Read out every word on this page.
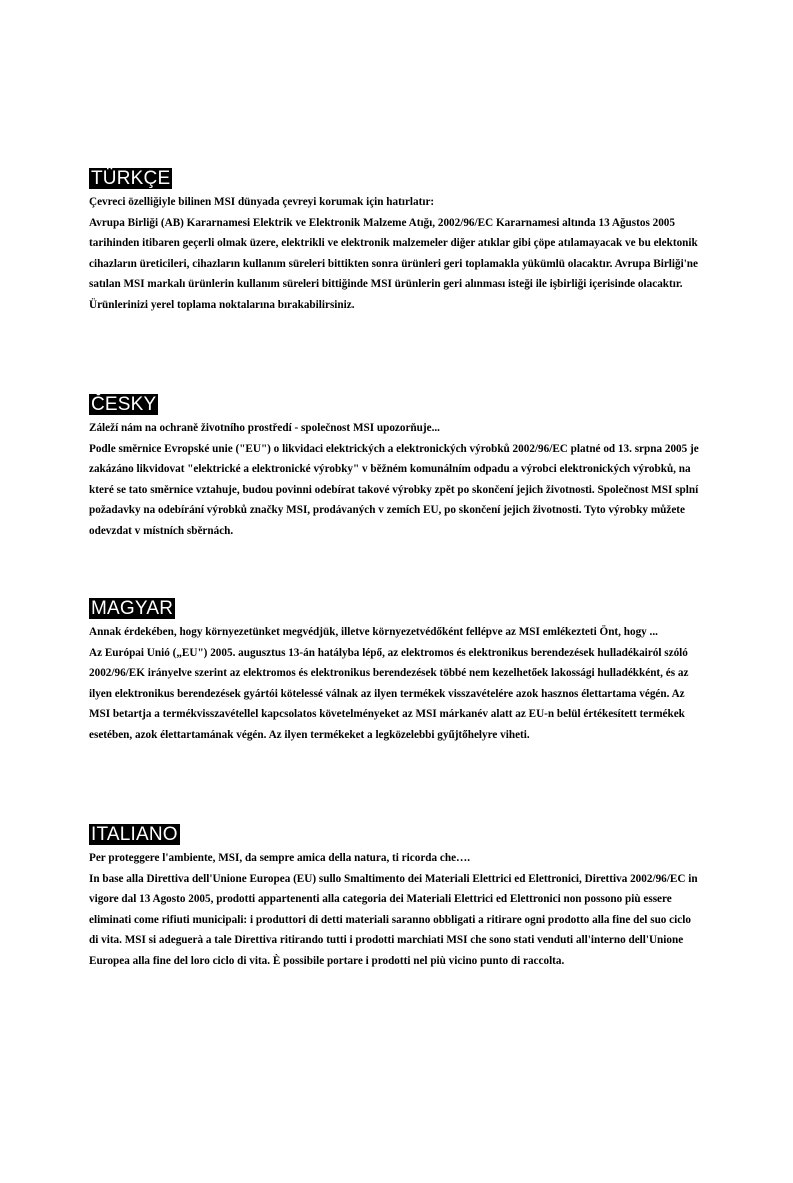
TÜRKÇE

Çevreci özelliğiyle bilinen MSI dünyada çevreyi korumak için hatırlatır:

Avrupa Birliği (AB) Kararnamesi Elektrik ve Elektronik Malzeme Atığı, 2002/96/EC Kararnamesi altında 13 Ağustos 2005 tarihinden itibaren geçerli olmak üzere, elektrikli ve elektronik malzemeler diğer atıklar gibi çöpe atılamayacak ve bu elektonik cihazların üreticileri, cihazların kullanım süreleri bittikten sonra ürünleri geri toplamakla yükümlü olacaktır. Avrupa Birliği'ne satılan MSI markalı ürünlerin kullanım süreleri bittiğinde MSI ürünlerin geri alınması isteği ile işbirliği içerisinde olacaktır. Ürünlerinizi yerel toplama noktalarına bırakabilirsiniz.

ČESKY

Záleží nám na ochraně životního prostředí - společnost MSI upozorňuje...

Podle směrnice Evropské unie ("EU") o likvidaci elektrických a elektronických výrobků 2002/96/EC platné od 13. srpna 2005 je zakázáno likvidovat "elektrické a elektronické výrobky" v běžném komunálním odpadu a výrobci elektronických výrobků, na které se tato směrnice vztahuje, budou povinni odebírat takové výrobky zpět po skončení jejich životnosti. Společnost MSI splní požadavky na odebírání výrobků značky MSI, prodávaných v zemích EU, po skončení jejich životnosti. Tyto výrobky můžete odevzdat v místních sběrnách.

MAGYAR

Annak érdekében, hogy környezetünket megvédjük, illetve környezetvédőként fellépve az MSI emlékezteti Önt, hogy ...

Az Európai Unió („EU") 2005. augusztus 13-án hatályba lépő, az elektromos és elektronikus berendezések hulladékairól szóló 2002/96/EK irányelve szerint az elektromos és elektronikus berendezések többé nem kezelhetőek lakossági hulladékként, és az ilyen elektronikus berendezések gyártói kötelessé válnak az ilyen termékek visszavételére azok hasznos élettartama végén. Az MSI betartja a termékvisszavétellel kapcsolatos követelményeket az MSI márkanév alatt az EU-n belül értékesített termékek esetében, azok élettartamának végén. Az ilyen termékeket a legközelebbi gyűjtőhelyre viheti.

ITALIANO

Per proteggere l'ambiente, MSI, da sempre amica della natura, ti ricorda che….

In base alla Direttiva dell'Unione Europea (EU) sullo Smaltimento dei Materiali Elettrici ed Elettronici, Direttiva 2002/96/EC in vigore dal 13 Agosto 2005, prodotti appartenenti alla categoria dei Materiali Elettrici ed Elettronici non possono più essere eliminati come rifiuti municipali: i produttori di detti materiali saranno obbligati a ritirare ogni prodotto alla fine del suo ciclo di vita. MSI si adeguerà a tale Direttiva ritirando tutti i prodotti marchiati MSI che sono stati venduti all'interno dell'Unione Europea alla fine del loro ciclo di vita. È possibile portare i prodotti nel più vicino punto di raccolta.
